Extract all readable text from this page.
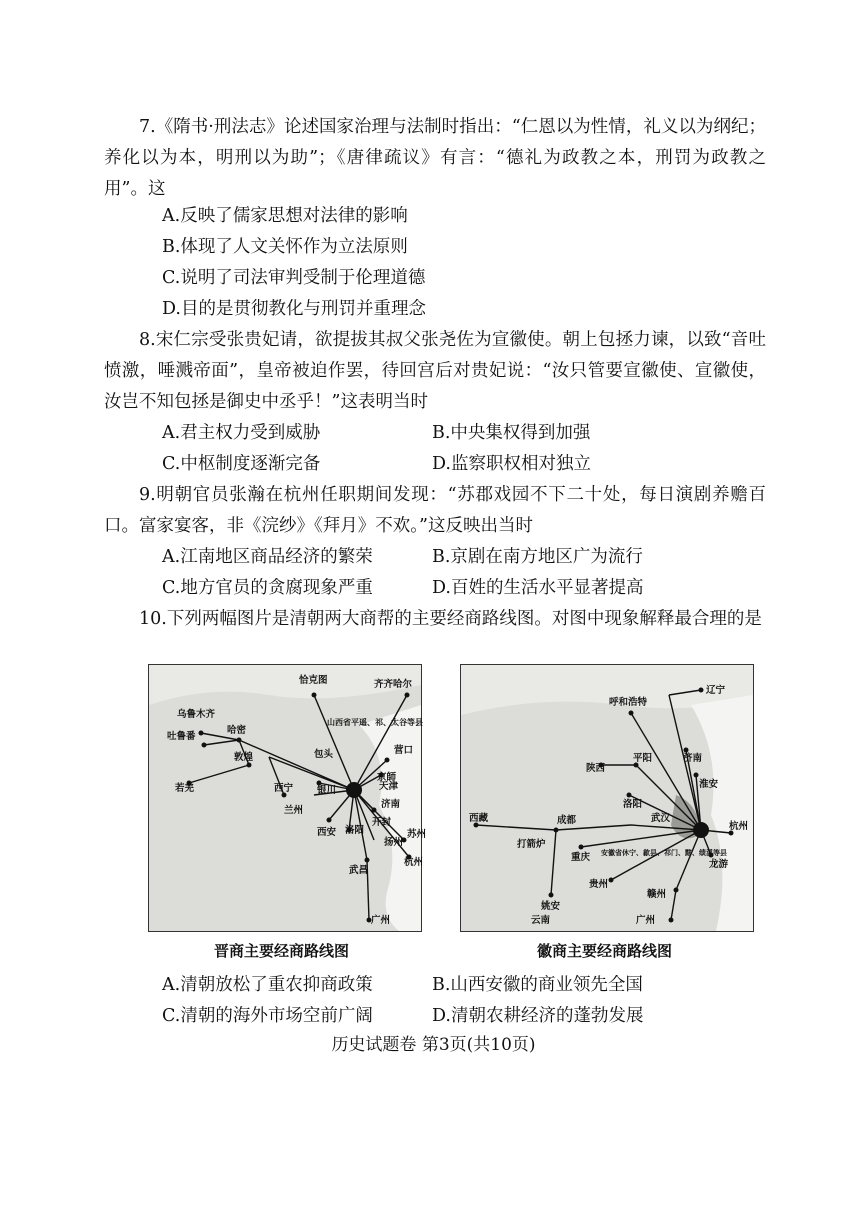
7.《隋书·刑法志》论述国家治理与法制时指出：“仁恩以为性情，礼义以为纲纪；养化以为本，明刑以为助”；《唐律疏议》有言：“德礼为政教之本，刑罚为政教之用”。这

A.反映了儒家思想对法律的影响
B.体现了人文关怀作为立法原则
C.说明了司法审判受制于伦理道德
D.目的是贯彻教化与刑罚并重理念

8.宋仁宗受张贵妃请，欲提拔其叔父张尧佐为宣徽使。朝上包拯力谏，以致“音吐愤激，唾溅帝面”，皇帝被迫作罢，待回宫后对贵妃说：“汝只管要宣徽使、宣徽使，汝岂不知包拯是御史中丞乎！”这表明当时

A.君主权力受到威胁	B.中央集权得到加强
C.中枢制度逐渐完备	D.监察职权相对独立

9.明朝官员张瀚在杭州任职期间发现：“苏郡戏园不下二十处，每日演剧养赡百口。富家宴客，非《浣纱》《拜月》不欢。”这反映出当时

A.江南地区商品经济的繁荣	B.京剧在南方地区广为流行
C.地方官员的贪腐现象严重	D.百姓的生活水平显著提高

10.下列两幅图片是清朝两大商帮的主要经商路线图。对图中现象解释最合理的是

恰克图	齐齐哈尔
乌鲁木齐
吐鲁番
哈密
山西省平遥、祁、太谷等县
敦煌	包头
京師
营口
若羌	西宁	银川	天津
济南
兰州
开封
西安 洛阳
扬州
苏州
杭州
武昌
广州
晋商主要经商路线图
辽宁
呼和浩特
济南
陕西
平阳
淮安
洛阳
西藏	成都	武汉
杭州
打箭炉
重庆 安徽省休宁、歙县、祁门、黟、绩溪等县
龙游
贵州
赣州
姚安
云南	广州
徽商主要经商路线图
A.清朝放松了重农抑商政策	B.山西安徽的商业领先全国
C.清朝的海外市场空前广阔	D.清朝农耕经济的蓬勃发展
历史试题卷 第3页(共10页)
